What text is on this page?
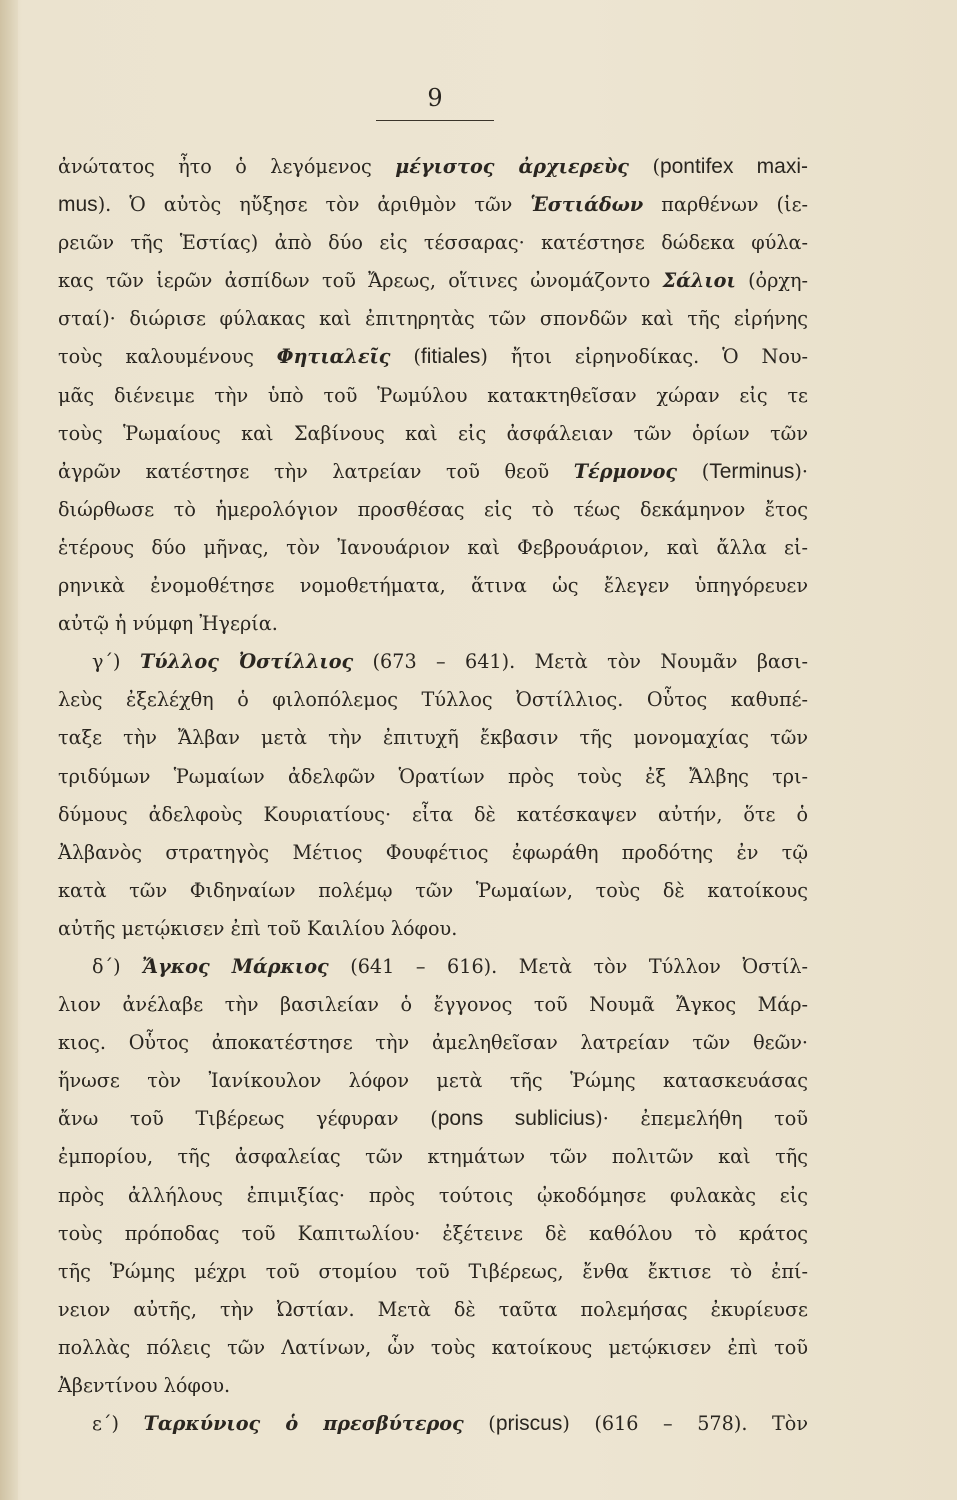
9
ἀνώτατος ἦτο ὁ λεγόμενος μέγιστος ἀρχιερεὺς (pontifex maxi-
mus). Ὁ αὐτὸς ηὔξησε τὸν ἀριθμὸν τῶν Ἑστιάδων παρθένων (ἱε-
ρειῶν τῆς Ἑστίας) ἀπὸ δύο εἰς τέσσαρας· κατέστησε δώδεκα φύλα-
κας τῶν ἱερῶν ἀσπίδων τοῦ Ἄρεως, οἵτινες ὠνομάζοντο Σάλιοι (ὀρχη-
σταί)· διώρισε φύλακας καὶ ἐπιτηρητὰς τῶν σπονδῶν καὶ τῆς εἰρήνης
τοὺς καλουμένους Φητιαλεῖς (fitiales) ἤτοι εἰρηνοδίκας. Ὁ Νου-
μᾶς διένειμε τὴν ὑπὸ τοῦ Ῥωμύλου κατακτηθεῖσαν χώραν εἰς τε
τοὺς Ῥωμαίους καὶ Σαβίνους καὶ εἰς ἀσφάλειαν τῶν ὁρίων τῶν
ἀγρῶν κατέστησε τὴν λατρείαν τοῦ θεοῦ Τέρμονος (Terminus)·
διώρθωσε τὸ ἡμερολόγιον προσθέσας εἰς τὸ τέως δεκάμηνον ἔτος
ἑτέρους δύο μῆνας, τὸν Ἰανουάριον καὶ Φεβρουάριον, καὶ ἄλλα εἰ-
ρηνικὰ ἐνομοθέτησε νομοθετήματα, ἅτινα ὡς ἔλεγεν ὑπηγόρευεν
αὐτῷ ἡ νύμφη Ἠγερία.
γ´) Τύλλος Ὀστίλλιος (673 – 641). Μετὰ τὸν Νουμᾶν βασι-
λεὺς ἐξελέχθη ὁ φιλοπόλεμος Τύλλος Ὀστίλλιος. Οὗτος καθυπέ-
ταξε τὴν Ἄλβαν μετὰ τὴν ἐπιτυχῆ ἔκβασιν τῆς μονομαχίας τῶν
τριδύμων Ῥωμαίων ἀδελφῶν Ὁρατίων πρὸς τοὺς ἐξ Ἄλβης τρι-
δύμους ἀδελφοὺς Κουριατίους· εἶτα δὲ κατέσκαψεν αὐτήν, ὅτε ὁ
Ἀλβανὸς στρατηγὸς Μέτιος Φουφέτιος ἐφωράθη προδότης ἐν τῷ
κατὰ τῶν Φιδηναίων πολέμῳ τῶν Ῥωμαίων, τοὺς δὲ κατοίκους
αὐτῆς μετῴκισεν ἐπὶ τοῦ Καιλίου λόφου.
δ´) Ἄγκος Μάρκιος (641 – 616). Μετὰ τὸν Τύλλον Ὀστίλ-
λιον ἀνέλαβε τὴν βασιλείαν ὁ ἔγγονος τοῦ Νουμᾶ Ἄγκος Μάρ-
κιος. Οὗτος ἀποκατέστησε τὴν ἀμεληθεῖσαν λατρείαν τῶν θεῶν·
ἥνωσε τὸν Ἰανίκουλον λόφον μετὰ τῆς Ῥώμης κατασκευάσας
ἄνω τοῦ Τιβέρεως γέφυραν (pons sublicius)· ἐπεμελήθη τοῦ
ἐμπορίου, τῆς ἀσφαλείας τῶν κτημάτων τῶν πολιτῶν καὶ τῆς
πρὸς ἀλλήλους ἐπιμιξίας· πρὸς τούτοις ᾠκοδόμησε φυλακὰς εἰς
τοὺς πρόποδας τοῦ Καπιτωλίου· ἐξέτεινε δὲ καθόλου τὸ κράτος
τῆς Ῥώμης μέχρι τοῦ στομίου τοῦ Τιβέρεως, ἔνθα ἔκτισε τὸ ἐπί-
νειον αὐτῆς, τὴν Ὠστίαν. Μετὰ δὲ ταῦτα πολεμήσας ἐκυρίευσε
πολλὰς πόλεις τῶν Λατίνων, ὧν τοὺς κατοίκους μετῴκισεν ἐπὶ τοῦ
Ἀβεντίνου λόφου.
ε´) Ταρκύνιος ὁ πρεσβύτερος (priscus) (616 – 578). Τὸν
